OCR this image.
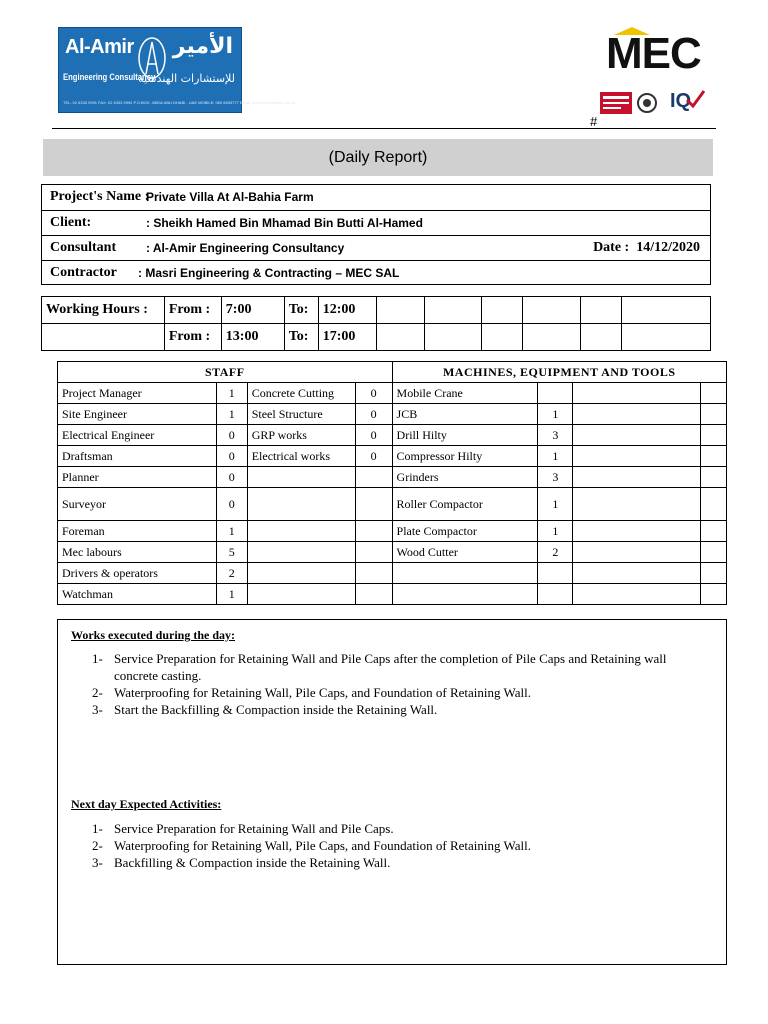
Al-Amir
Engineering Consultancy
الأمير
للإستشارات الهندسية
TEL: 02 6333 9991 FAX: 02 6333 9992 P.O.BOX: 45834 ABU DHABI - UAE MOBILE: 050 6653777 Email: amirec@emirates.net.ae
MEC
IQ
#
(Daily Report)
Project's Name :
Private Villa At Al-Bahia Farm
Client:	: Sheikh Hamed Bin Mhamad Bin Butti Al-Hamed
Consultant : Al-Amir Engineering Consultancy	Date : 14/12/2020
Contractor : Masri Engineering & Contracting – MEC SAL
Working Hours :	From :	7:00	To:	12:00						
	From :	13:00	To:	17:00						
STAFF				MACHINES, EQUIPMENT AND TOOLS			
Project Manager	1	Concrete Cutting	0	Mobile Crane			
Site Engineer	1	Steel Structure	0	JCB	1		
Electrical Engineer	0	GRP works	0	Drill Hilty	3		
Draftsman	0	Electrical works	0	Compressor Hilty	1		
Planner	0			Grinders	3		
Surveyor	0			Roller Compactor	1		
Foreman	1			Plate Compactor	1		
Mec labours	5			Wood Cutter	2		
Drivers & operators	2						
Watchman	1						
Works executed during the day:
1- Service Preparation for Retaining Wall and Pile Caps after the completion of Pile Caps and Retaining wall concrete casting.
2- Waterproofing for Retaining Wall, Pile Caps, and Foundation of Retaining Wall.
3- Start the Backfilling & Compaction inside the Retaining Wall.
Next day Expected Activities:
1- Service Preparation for Retaining Wall and Pile Caps.
2- Waterproofing for Retaining Wall, Pile Caps, and Foundation of Retaining Wall.
3- Backfilling & Compaction inside the Retaining Wall.
